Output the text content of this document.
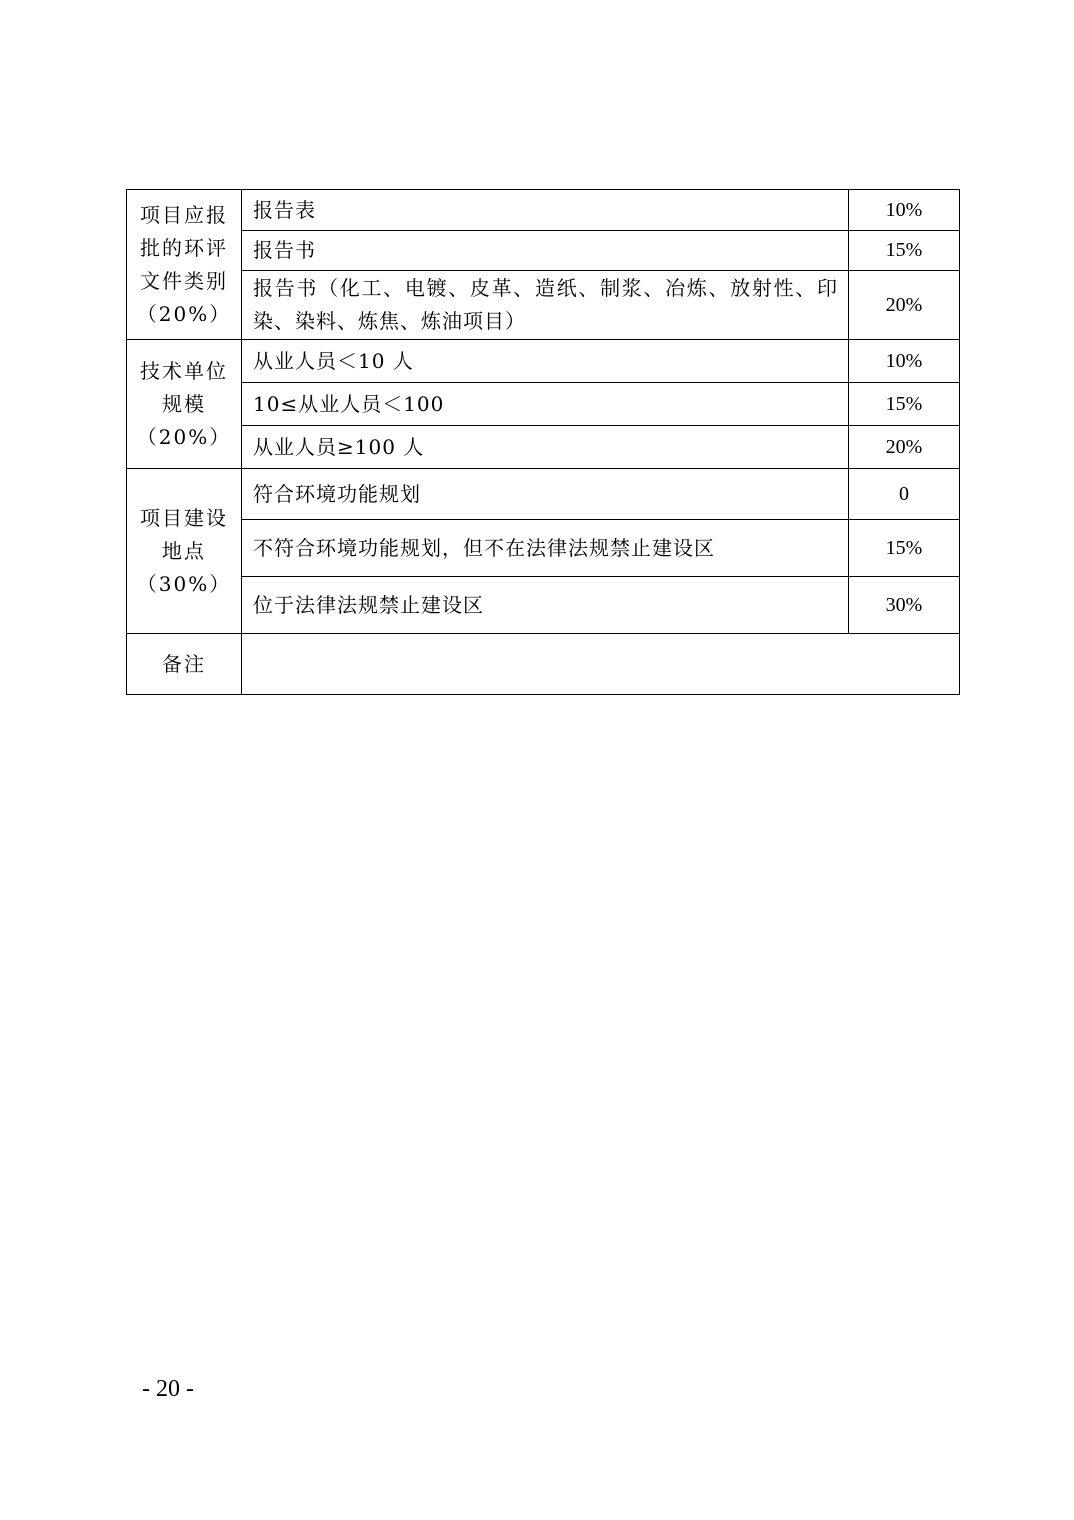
项目应报
批的环评
文件类别
（20%）	报告表	10%
	报告书	15%
	报告书（化工、电镀、皮革、造纸、制浆、冶炼、放射性、印染、染料、炼焦、炼油项目）	20%

技术单位
规模
（20%）	从业人员＜10 人	10%
	10≤从业人员＜100	15%
	从业人员≥100 人	20%

项目建设
地点
（30%）	符合环境功能规划	0
	不符合环境功能规划，但不在法律法规禁止建设区	15%
	位于法律法规禁止建设区	30%
备注		
- 20 -
